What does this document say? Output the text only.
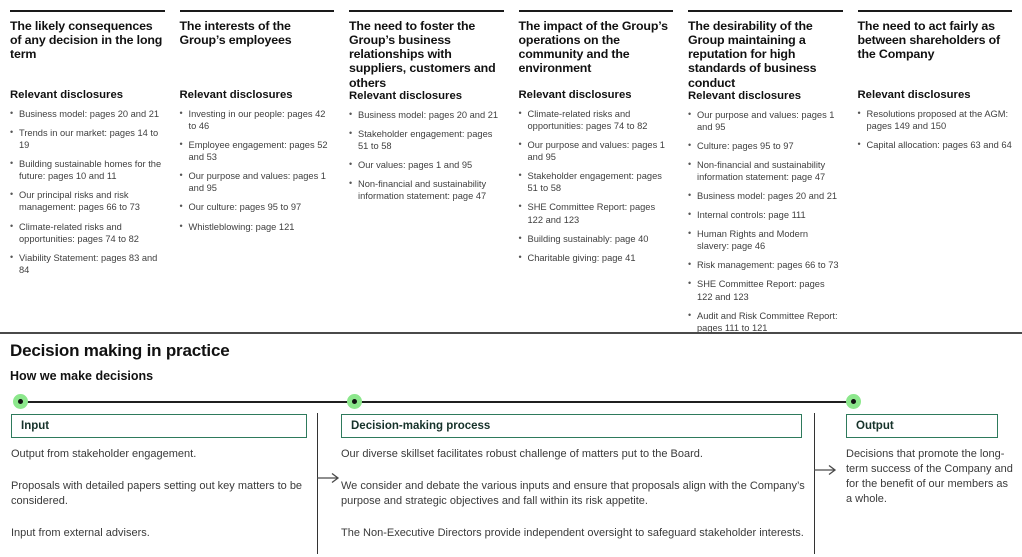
The likely consequences of any decision in the long term
Relevant disclosures
• Business model: pages 20 and 21
• Trends in our market: pages 14 to 19
• Building sustainable homes for the future: pages 10 and 11
• Our principal risks and risk management: pages 66 to 73
• Climate-related risks and opportunities: pages 74 to 82
• Viability Statement: pages 83 and 84
The interests of the Group’s employees
Relevant disclosures
• Investing in our people: pages 42 to 46
• Employee engagement: pages 52 and 53
• Our purpose and values: pages 1 and 95
• Our culture: pages 95 to 97
• Whistleblowing: page 121
The need to foster the Group’s business relationships with suppliers, customers and others
Relevant disclosures
• Business model: pages 20 and 21
• Stakeholder engagement: pages 51 to 58
• Our values: pages 1 and 95
• Non-financial and sustainability information statement: page 47
The impact of the Group’s operations on the community and the environment
Relevant disclosures
• Climate-related risks and opportunities: pages 74 to 82
• Our purpose and values: pages 1 and 95
• Stakeholder engagement: pages 51 to 58
• SHE Committee Report: pages 122 and 123
• Building sustainably: page 40
• Charitable giving: page 41
The desirability of the Group maintaining a reputation for high standards of business conduct
Relevant disclosures
• Our purpose and values: pages 1 and 95
• Culture: pages 95 to 97
• Non-financial and sustainability information statement: page 47
• Business model: pages 20 and 21
• Internal controls: page 111
• Human Rights and Modern slavery: page 46
• Risk management: pages 66 to 73
• SHE Committee Report: pages 122 and 123
• Audit and Risk Committee Report: pages 111 to 121
The need to act fairly as between shareholders of the Company
Relevant disclosures
• Resolutions proposed at the AGM: pages 149 and 150
• Capital allocation: pages 63 and 64
Decision making in practice
How we make decisions
Input	Decision-making process	Output

Output from stakeholder engagement.

Proposals with detailed papers setting out key matters to be considered.

Input from external advisers.

Our diverse skillset facilitates robust challenge of matters put to the Board.

We consider and debate the various inputs and ensure that proposals align with the Company’s purpose and strategic objectives and fall within its risk appetite.

The Non-Executive Directors provide independent oversight to safeguard stakeholder interests.

Decisions that promote the long-term success of the Company and for the benefit of our members as a whole.
